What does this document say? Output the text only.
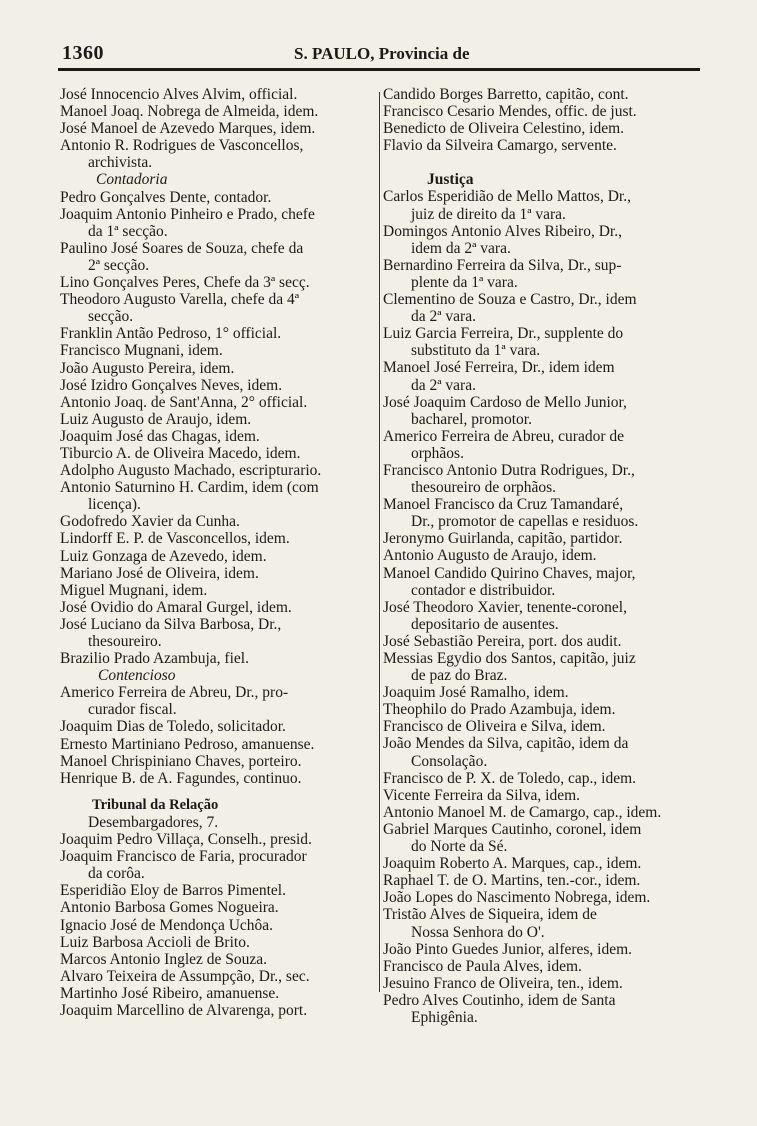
1360	S. PAULO, Provincia de
José Innocencio Alves Alvim, official.
Manoel Joaq. Nobrega de Almeida, idem.
José Manoel de Azevedo Marques, idem.
Antonio R. Rodrigues de Vasconcellos,
archivista.
Contadoria
Pedro Gonçalves Dente, contador.
Joaquim Antonio Pinheiro e Prado, chefe
da 1ª secção.
Paulino José Soares de Souza, chefe da
2ª secção.
Lino Gonçalves Peres, Chefe da 3ª secç.
Theodoro Augusto Varella, chefe da 4ª
secção.
Franklin Antão Pedroso, 1° official.
Francisco Mugnani, idem.
João Augusto Pereira, idem.
José Izidro Gonçalves Neves, idem.
Antonio Joaq. de Sant'Anna, 2° official.
Luiz Augusto de Araujo, idem.
Joaquim José das Chagas, idem.
Tiburcio A. de Oliveira Macedo, idem.
Adolpho Augusto Machado, escripturario.
Antonio Saturnino H. Cardim, idem (com
licença).
Godofredo Xavier da Cunha.
Lindorff E. P. de Vasconcellos, idem.
Luiz Gonzaga de Azevedo, idem.
Mariano José de Oliveira, idem.
Miguel Mugnani, idem.
José Ovidio do Amaral Gurgel, idem.
José Luciano da Silva Barbosa, Dr.,
thesoureiro.
Brazilio Prado Azambuja, fiel.
Contencioso
Americo Ferreira de Abreu, Dr., pro-
curador fiscal.
Joaquim Dias de Toledo, solicitador.
Ernesto Martiniano Pedroso, amanuense.
Manoel Chrispiniano Chaves, porteiro.
Henrique B. de A. Fagundes, continuo.
Tribunal da Relação
Desembargadores, 7.
Joaquim Pedro Villaça, Conselh., presid.
Joaquim Francisco de Faria, procurador
da corôa.
Esperidião Eloy de Barros Pimentel.
Antonio Barbosa Gomes Nogueira.
Ignacio José de Mendonça Uchôa.
Luiz Barbosa Accioli de Brito.
Marcos Antonio Inglez de Souza.
Alvaro Teixeira de Assumpção, Dr., sec.
Martinho José Ribeiro, amanuense.
Joaquim Marcellino de Alvarenga, port.
Candido Borges Barretto, capitão, cont.
Francisco Cesario Mendes, offic. de just.
Benedicto de Oliveira Celestino, idem.
Flavio da Silveira Camargo, servente.
Justiça
Carlos Esperidião de Mello Mattos, Dr.,
juiz de direito da 1ª vara.
Domingos Antonio Alves Ribeiro, Dr.,
idem da 2ª vara.
Bernardino Ferreira da Silva, Dr., sup-
plente da 1ª vara.
Clementino de Souza e Castro, Dr., idem
da 2ª vara.
Luiz Garcia Ferreira, Dr., supplente do
substituto da 1ª vara.
Manoel José Ferreira, Dr., idem idem
da 2ª vara.
José Joaquim Cardoso de Mello Junior,
bacharel, promotor.
Americo Ferreira de Abreu, curador de
orphãos.
Francisco Antonio Dutra Rodrigues, Dr.,
thesoureiro de orphãos.
Manoel Francisco da Cruz Tamandaré,
Dr., promotor de capellas e residuos.
Jeronymo Guirlanda, capitão, partidor.
Antonio Augusto de Araujo, idem.
Manoel Candido Quirino Chaves, major,
contador e distribuidor.
José Theodoro Xavier, tenente-coronel,
depositario de ausentes.
José Sebastião Pereira, port. dos audit.
Messias Egydio dos Santos, capitão, juiz
de paz do Braz.
Joaquim José Ramalho, idem.
Theophilo do Prado Azambuja, idem.
Francisco de Oliveira e Silva, idem.
João Mendes da Silva, capitão, idem da
Consolação.
Francisco de P. X. de Toledo, cap., idem.
Vicente Ferreira da Silva, idem.
Antonio Manoel M. de Camargo, cap., idem.
Gabriel Marques Cautinho, coronel, idem
do Norte da Sé.
Joaquim Roberto A. Marques, cap., idem.
Raphael T. de O. Martins, ten.-cor., idem.
João Lopes do Nascimento Nobrega, idem.
Tristão Alves de Siqueira, idem de
Nossa Senhora do O'.
João Pinto Guedes Junior, alferes, idem.
Francisco de Paula Alves, idem.
Jesuino Franco de Oliveira, ten., idem.
Pedro Alves Coutinho, idem de Santa
Ephigênia.
